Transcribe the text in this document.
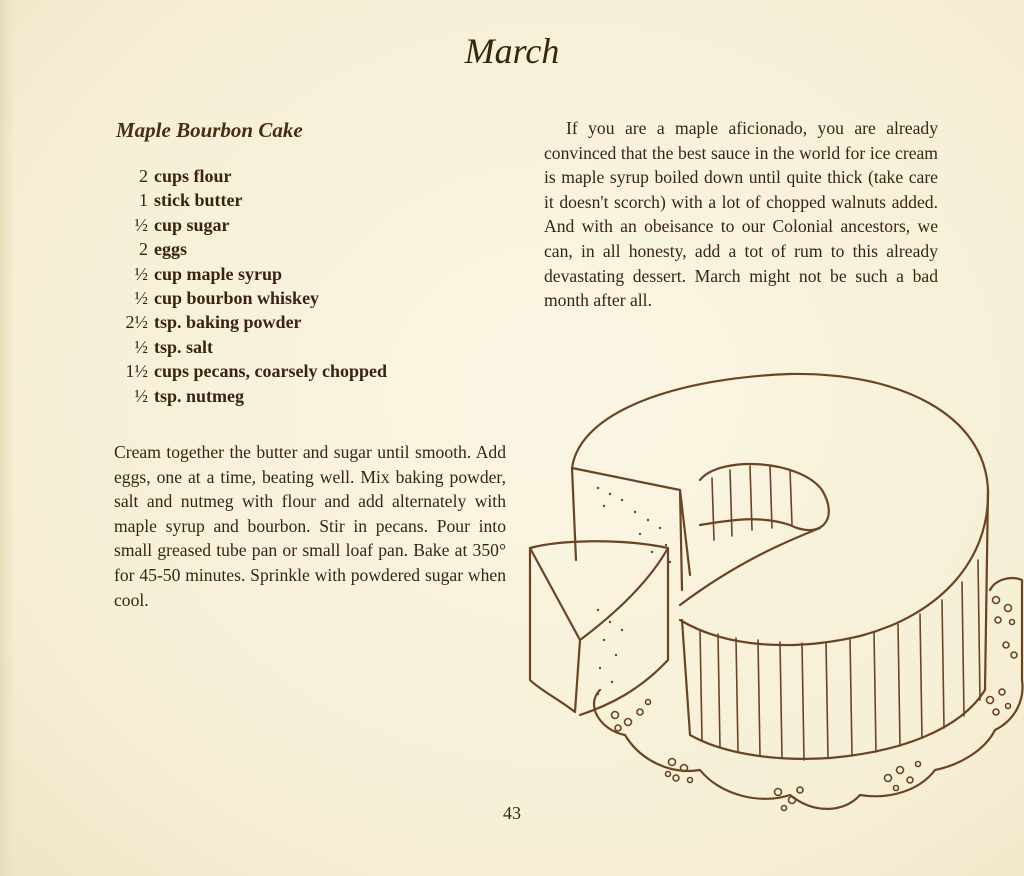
March
Maple Bourbon Cake
2 cups flour
1 stick butter
½ cup sugar
2 eggs
½ cup maple syrup
½ cup bourbon whiskey
2½ tsp. baking powder
½ tsp. salt
1½ cups pecans, coarsely chopped
½ tsp. nutmeg

Cream together the butter and sugar until smooth. Add eggs, one at a time, beating well. Mix baking powder, salt and nutmeg with flour and add alternately with maple syrup and bourbon. Stir in pecans. Pour into small greased tube pan or small loaf pan. Bake at 350° for 45-50 minutes. Sprinkle with powdered sugar when cool.

If you are a maple aficionado, you are already convinced that the best sauce in the world for ice cream is maple syrup boiled down until quite thick (take care it doesn't scorch) with a lot of chopped walnuts added. And with an obeisance to our Colonial ancestors, we can, in all honesty, add a tot of rum to this already devastating dessert. March might not be such a bad month after all.

43
